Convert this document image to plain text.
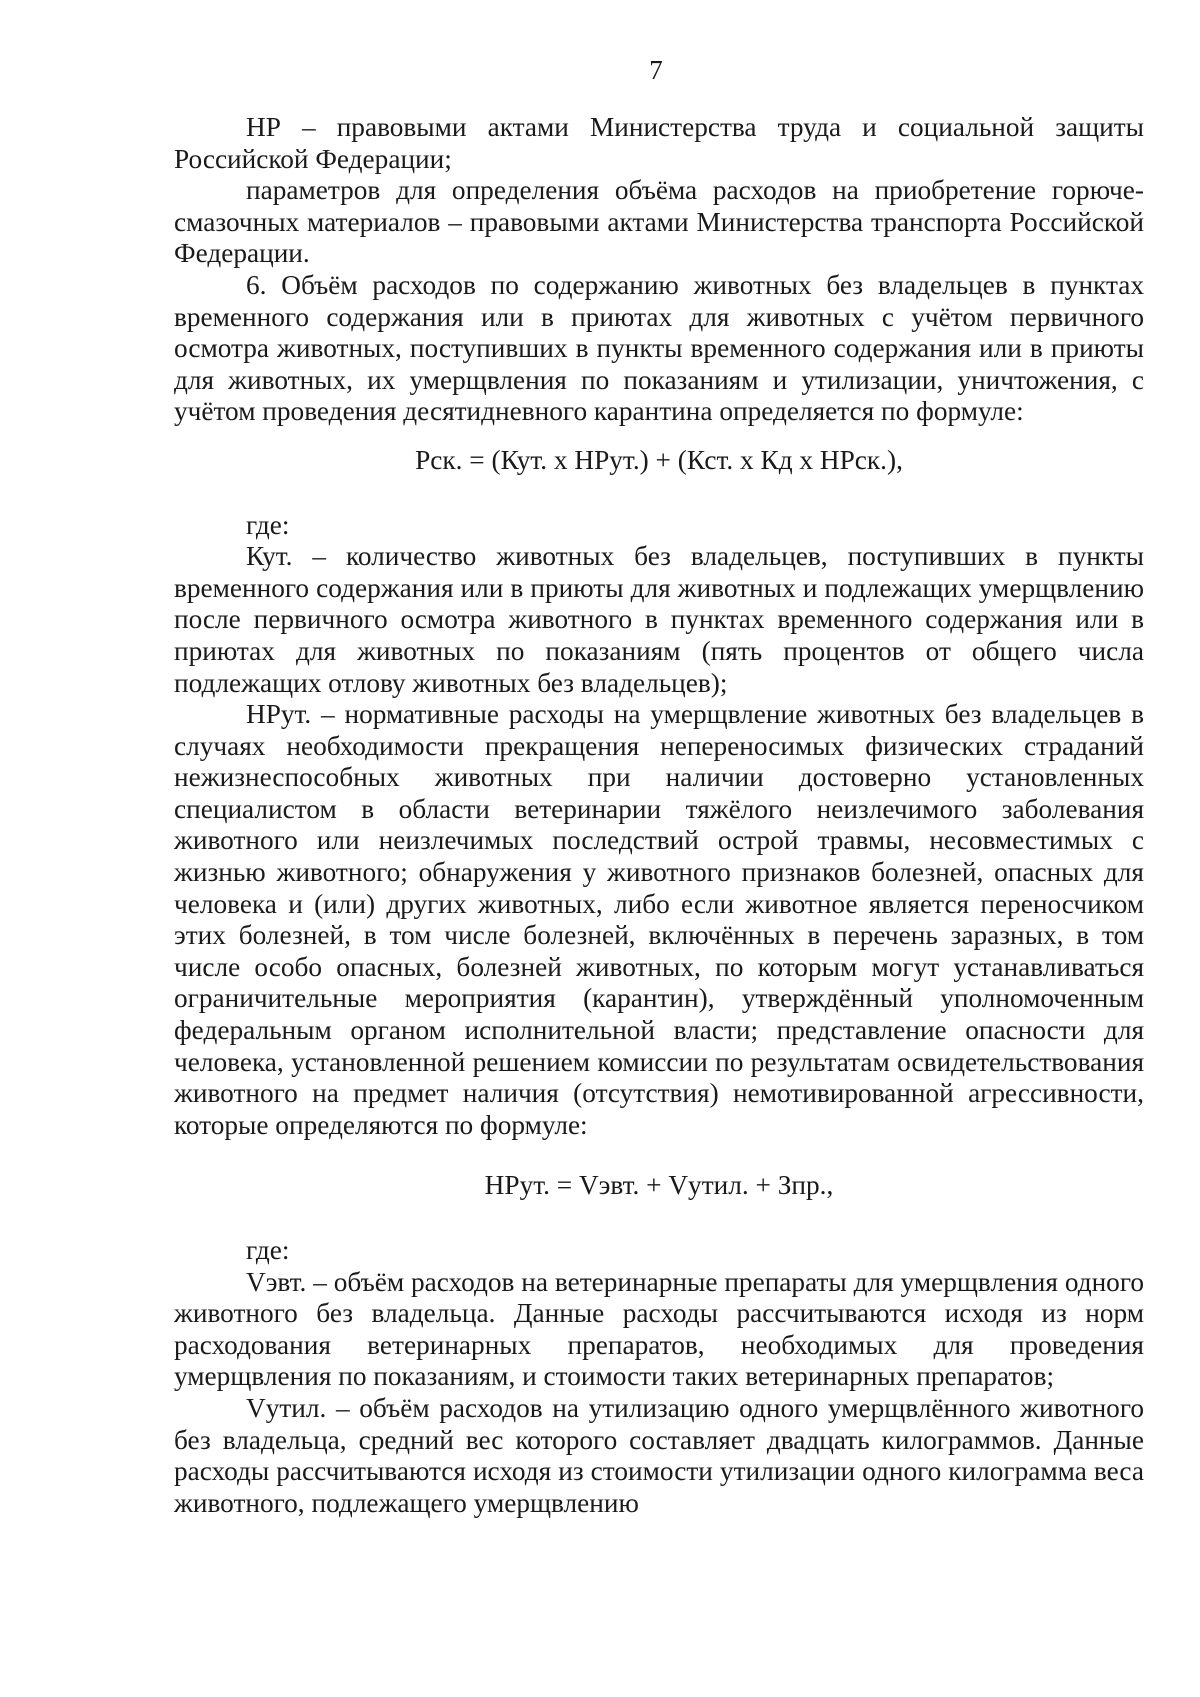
7

НР – правовыми актами Министерства труда и социальной защиты Российской Федерации;

параметров для определения объёма расходов на приобретение горюче-смазочных материалов – правовыми актами Министерства транспорта Российской Федерации.

6. Объём расходов по содержанию животных без владельцев в пунктах временного содержания или в приютах для животных с учётом первичного осмотра животных, поступивших в пункты временного содержания или в приюты для животных, их умерщвления по показаниям и утилизации, уничтожения, с учётом проведения десятидневного карантина определяется по формуле:

Рск. = (Кут. х НРут.) + (Кст. х Кд х НРск.),

где:

Кут. – количество животных без владельцев, поступивших в пункты временного содержания или в приюты для животных и подлежащих умерщвлению после первичного осмотра животного в пунктах временного содержания или в приютах для животных по показаниям (пять процентов от общего числа подлежащих отлову животных без владельцев);

НРут. – нормативные расходы на умерщвление животных без владельцев в случаях необходимости прекращения непереносимых физических страданий нежизнеспособных животных при наличии достоверно установленных специалистом в области ветеринарии тяжёлого неизлечимого заболевания животного или неизлечимых последствий острой травмы, несовместимых с жизнью животного; обнаружения у животного признаков болезней, опасных для человека и (или) других животных, либо если животное является переносчиком этих болезней, в том числе болезней, включённых в перечень заразных, в том числе особо опасных, болезней животных, по которым могут устанавливаться ограничительные мероприятия (карантин), утверждённый уполномоченным федеральным органом исполнительной власти; представление опасности для человека, установленной решением комиссии по результатам освидетельствования животного на предмет наличия (отсутствия) немотивированной агрессивности, которые определяются по формуле:

НРут. = Vэвт. + Vутил. + Зпр.,

где:

Vэвт. – объём расходов на ветеринарные препараты для умерщвления одного животного без владельца. Данные расходы рассчитываются исходя из норм расходования ветеринарных препаратов, необходимых для проведения умерщвления по показаниям, и стоимости таких ветеринарных препаратов;

Vутил. – объём расходов на утилизацию одного умерщвлённого животного без владельца, средний вес которого составляет двадцать килограммов. Данные расходы рассчитываются исходя из стоимости утилизации одного килограмма веса животного, подлежащего умерщвлению
